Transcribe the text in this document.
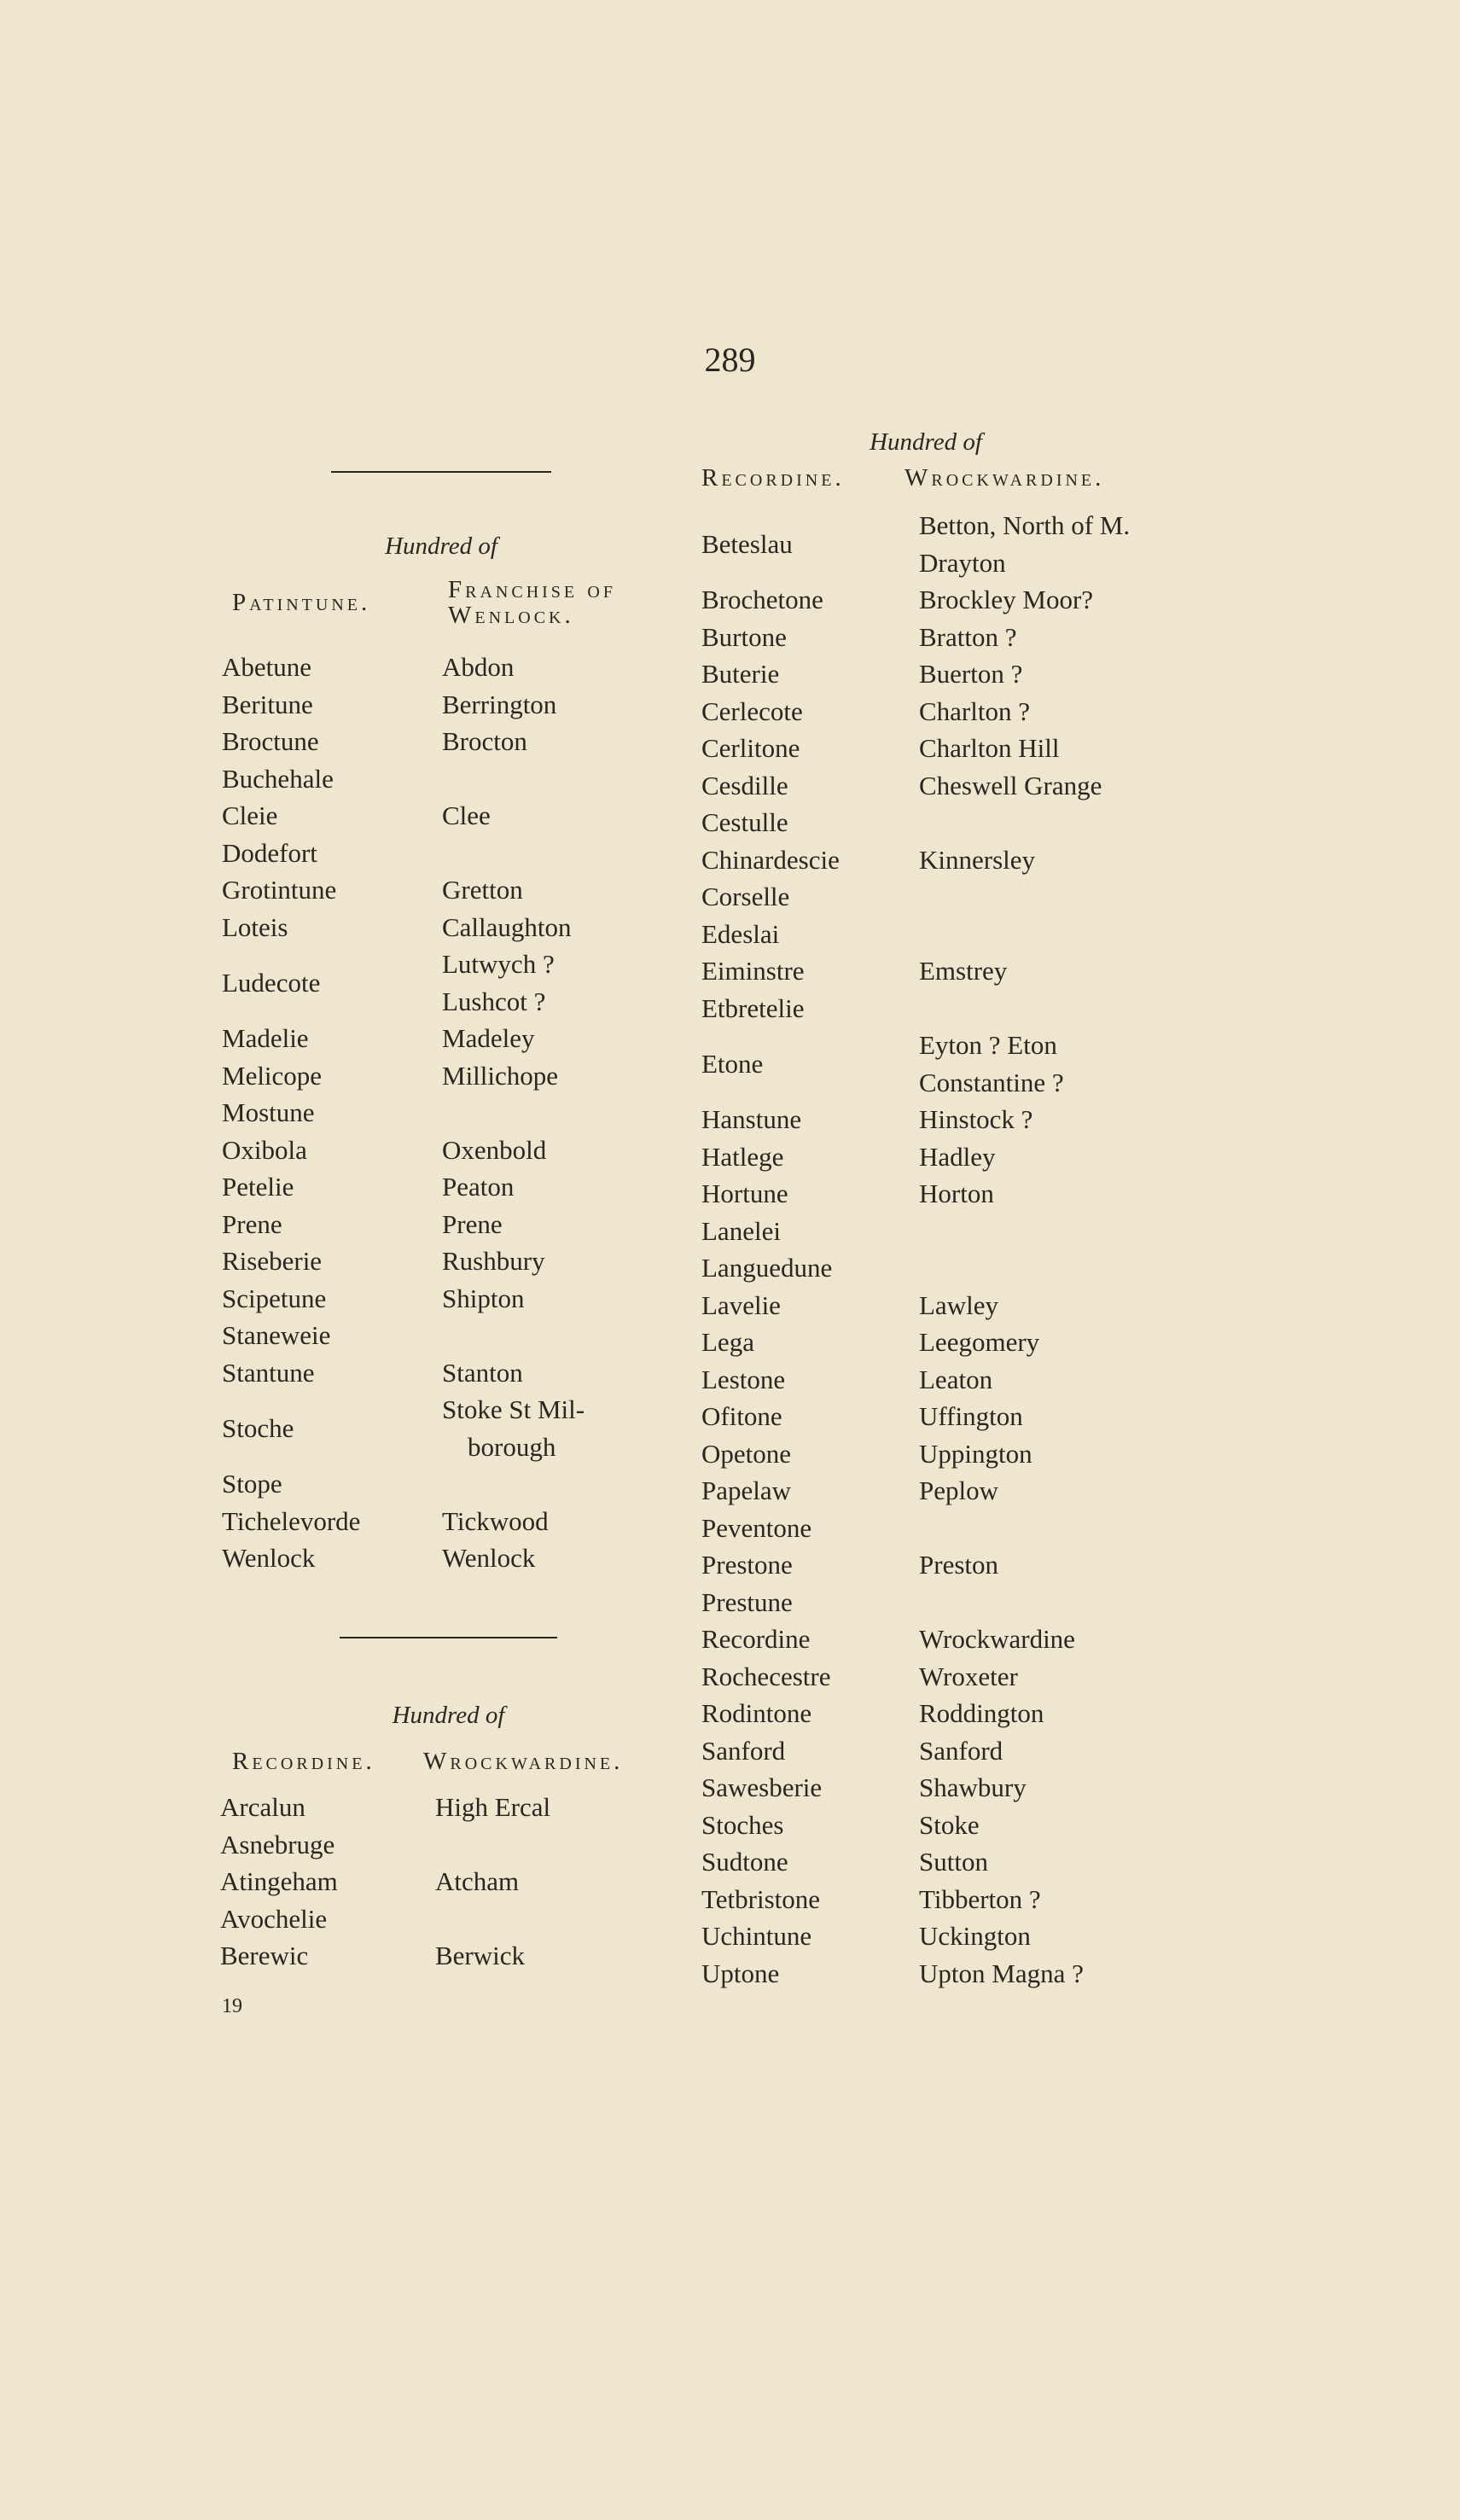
289
Hundred of
Patintune.	Franchise of Wenlock.
Abetune
Beritune
Broctune
Buchehale
Cleie
Dodefort
Grotintune
Loteis
Ludecote
Madelie
Melicope
Mostune
Oxibola
Petelie
Prene
Riseberie
Scipetune
Staneweie
Stantune
Stoche
Stope
Tichelevorde
Wenlock
Abdon
Berrington
Brocton
Clee
Gretton
Callaughton
Lutwych ? Lushcot ?
Madeley
Millichope
Oxenbold
Peaton
Prene
Rushbury
Shipton
Stanton
Stoke St Mil- borough
Tickwood
Wenlock
Hundred of
Recordine. Wrockwardine.
Arcalun
Asnebruge
Atingeham
Avochelie
Berewic
High Ercal
Atcham
Berwick
19
Hundred of
Recordine. Wrockwardine.
Beteslau
Brochetone
Burtone
Buterie
Cerlecote
Cerlitone
Cesdille
Cestulle
Chinardescie
Corselle
Edeslai
Eiminstre
Etbretelie
Etone
Hanstune
Hatlege
Hortune
Lanelei
Languedune
Lavelie
Lega
Lestone
Ofitone
Opetone
Papelaw
Peventone
Prestone
Prestune
Recordine
Rochecestre
Rodintone
Sanford
Sawesberie
Stoches
Sudtone
Tetbristone
Uchintune
Uptone
Betton, North of M. Drayton
Brockley Moor?
Bratton ?
Buerton ?
Charlton ?
Charlton Hill
Cheswell Grange
Kinnersley
Emstrey
Eyton ? Eton Constantine ?
Hinstock ?
Hadley
Horton
Lawley
Leegomery
Leaton
Uffington
Uppington
Peplow
Preston
Wrockwardine
Wroxeter
Roddington
Sanford
Shawbury
Stoke
Sutton
Tibberton ?
Uckington
Upton Magna ?
